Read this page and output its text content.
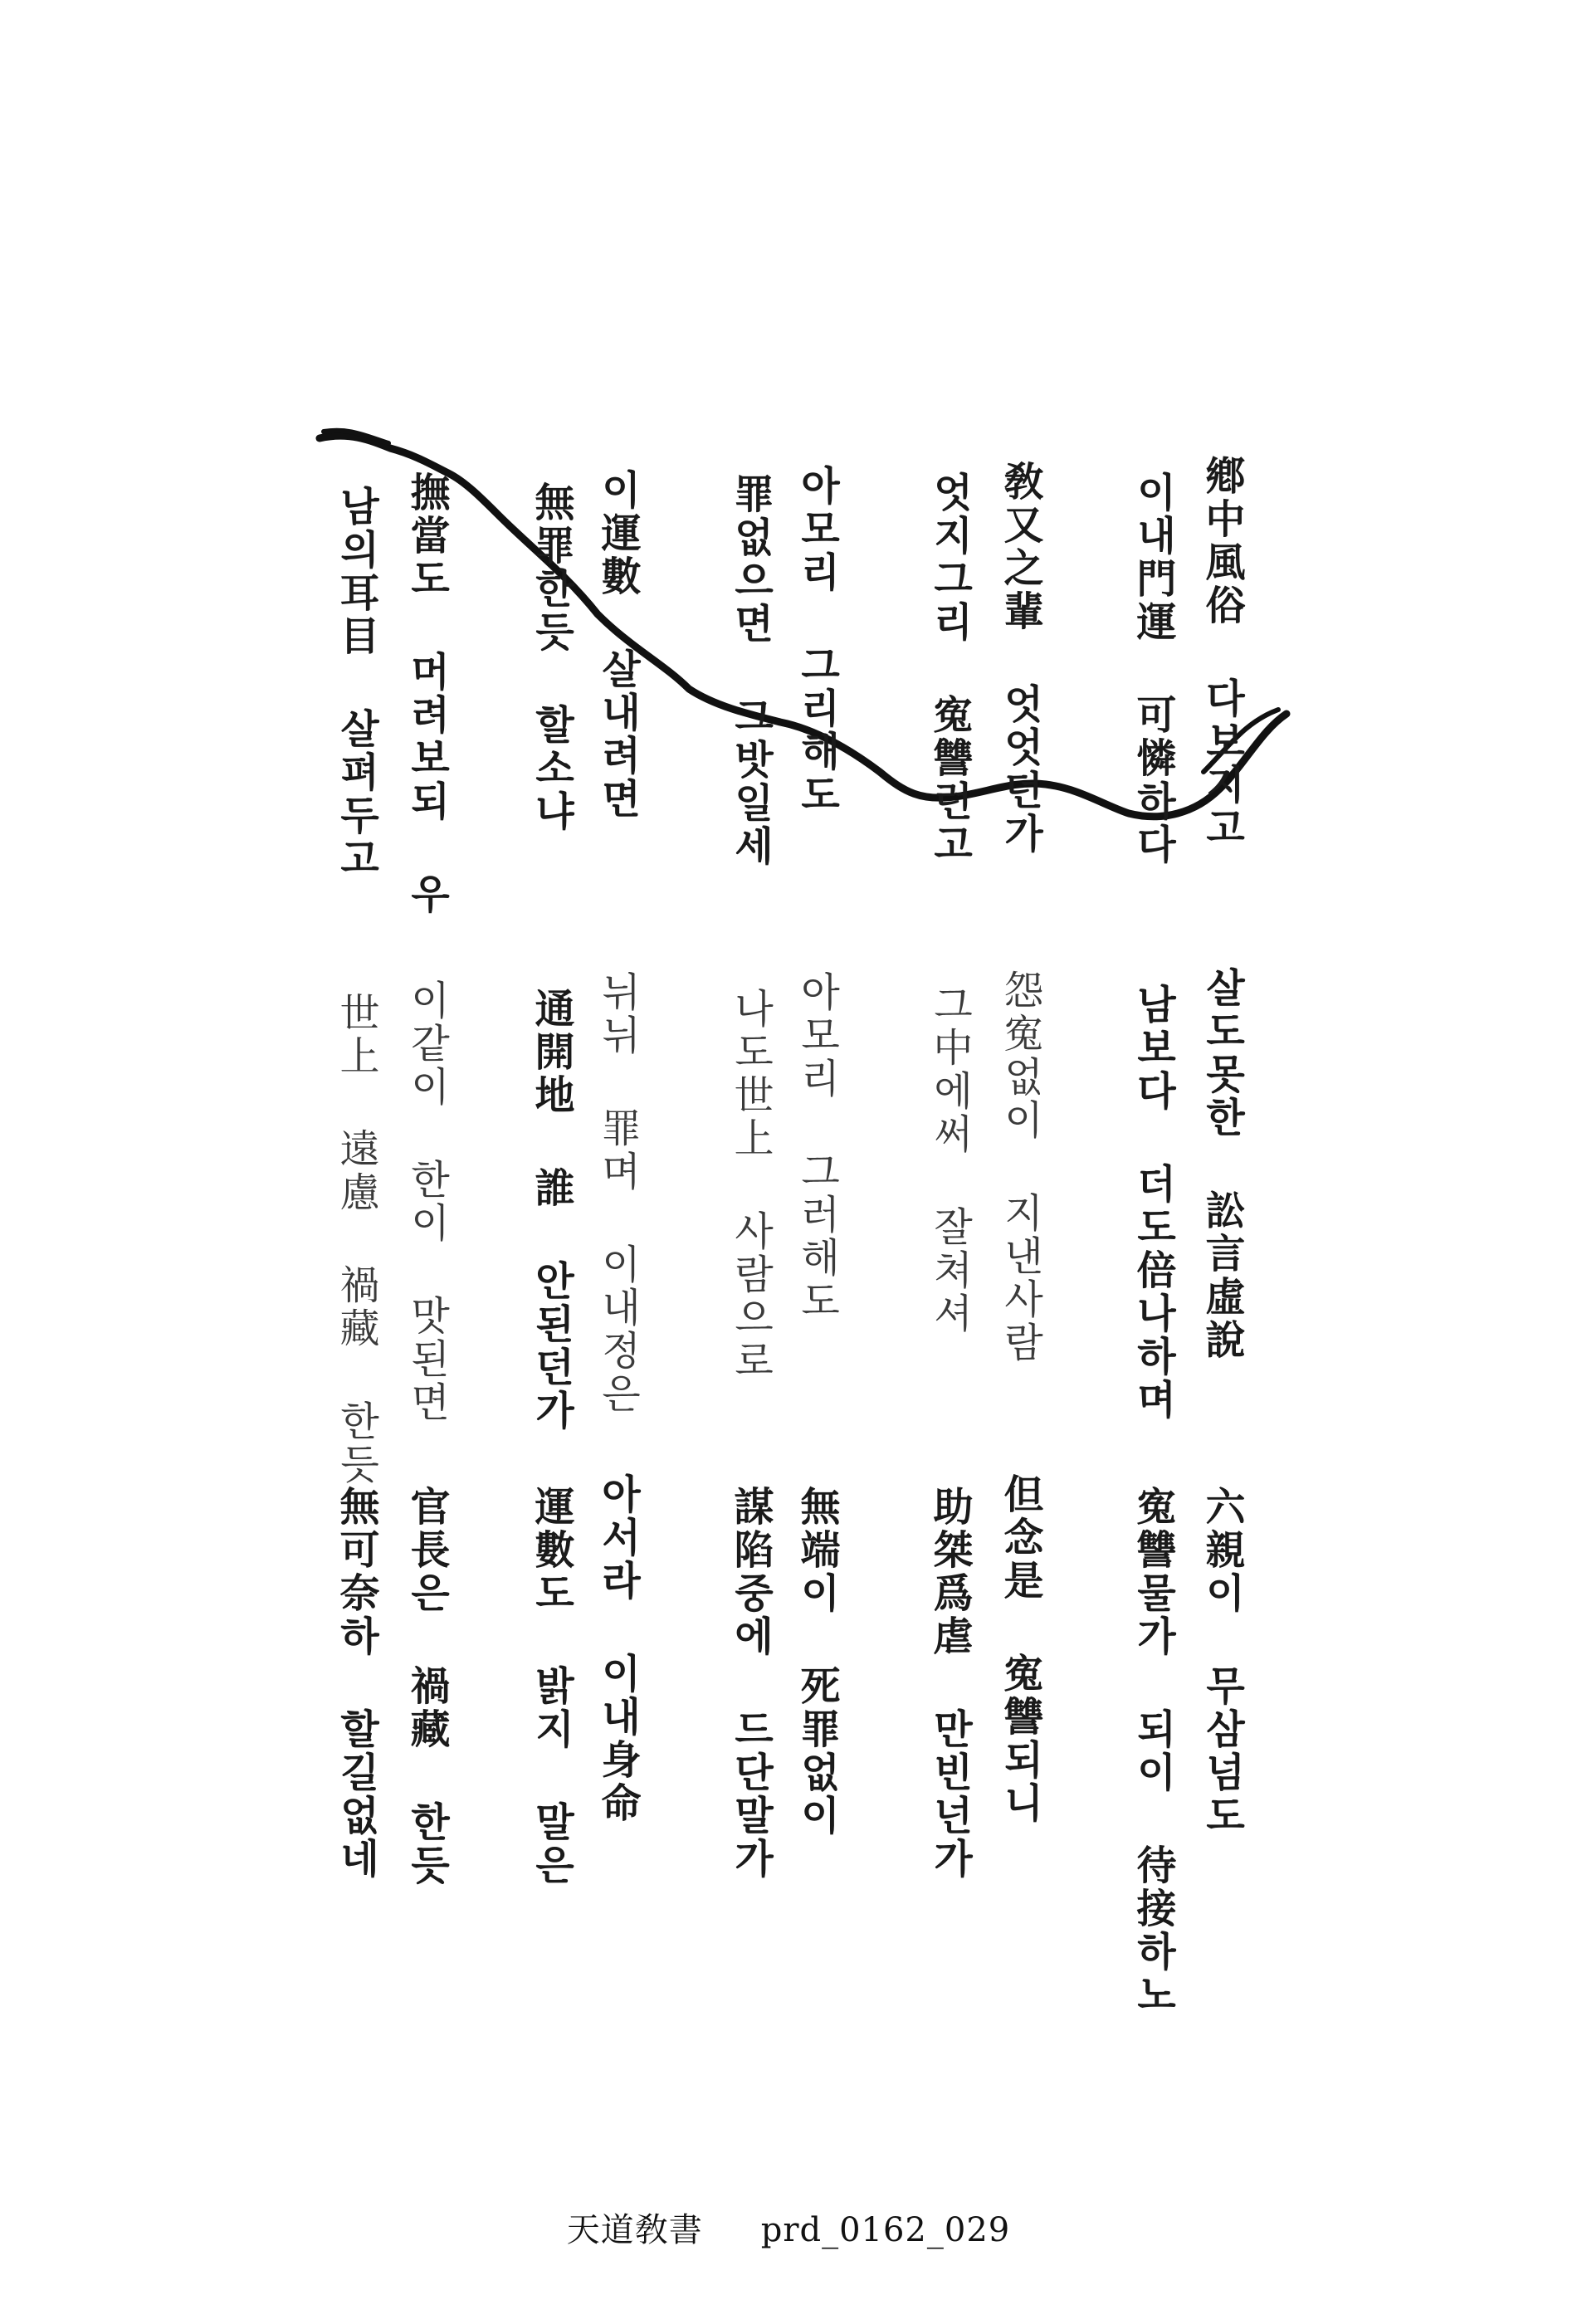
鄕中風俗 다보지고
이내門運 可憐하다
敎又之輩 엇엇던가
엇지그리 寃讐런고
아모리 그리해도
罪없으면 그밧일세
이運數 살내려면
無罪한듯 할소냐
撫當도 머려보되 우
남의耳目 살펴두고
살도못한 訟言虛說
남보다 더도倍나하며
怨寃없이 지낸사람
그中에써 잘쳐셔
아모리 그러해도
나도世上 사람으로
뉘뉘 罪며 이내정은
通開地 誰 안된던가
이같이 한이 맛된면
世上 遠慮 禍藏 한듯
六親이 무삼넘도
寃讐물가 되이 待接하노
但念是 寃讐되니
助桀爲虐 만빈넌가
無端이 死罪없이
謀陷중에 드단말가
아서라 이내身命
運數도 밝지 말은
官長은 禍藏 한듯
無可奈하 할길없네
天道敎書 prd_0162_029
